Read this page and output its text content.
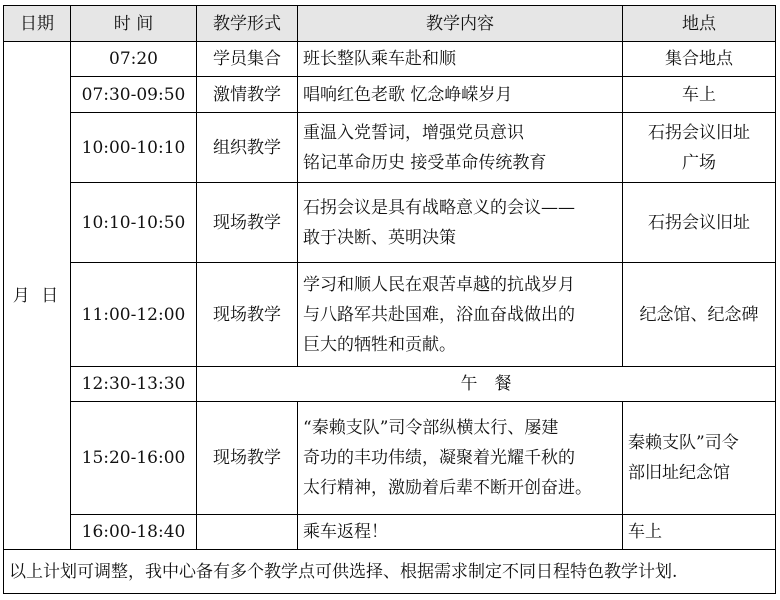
日期	时 间	教学形式	教学内容	地点
月 日	07:20	学员集合	班长整队乘车赴和顺	集合地点

	07:30-09:50	激情教学	唱响红色老歌 忆念峥嵘岁月	车上

	10:00-10:10	组织教学	重温入党誓词，增强党员意识
铭记革命历史 接受革命传统教育	石拐会议旧址
广场

	10:10-10:50	现场教学	石拐会议是具有战略意义的会议——
敢于决断、英明决策	石拐会议旧址

	11:00-12:00	现场教学	学习和顺人民在艰苦卓越的抗战岁月
与八路军共赴国难，浴血奋战做出的
巨大的牺牲和贡献。	纪念馆、纪念碑

	12:30-13:30	午　餐		
	15:20-16:00	现场教学	“秦赖支队”司令部纵横太行、屡建
奇功的丰功伟绩，凝聚着光耀千秋的
太行精神，激励着后辈不断开创奋进。	秦赖支队”司令
部旧址纪念馆

	16:00-18:40		乘车返程！	车上

以上计划可调整，我中心备有多个教学点可供选择、根据需求制定不同日程特色教学计划.				
